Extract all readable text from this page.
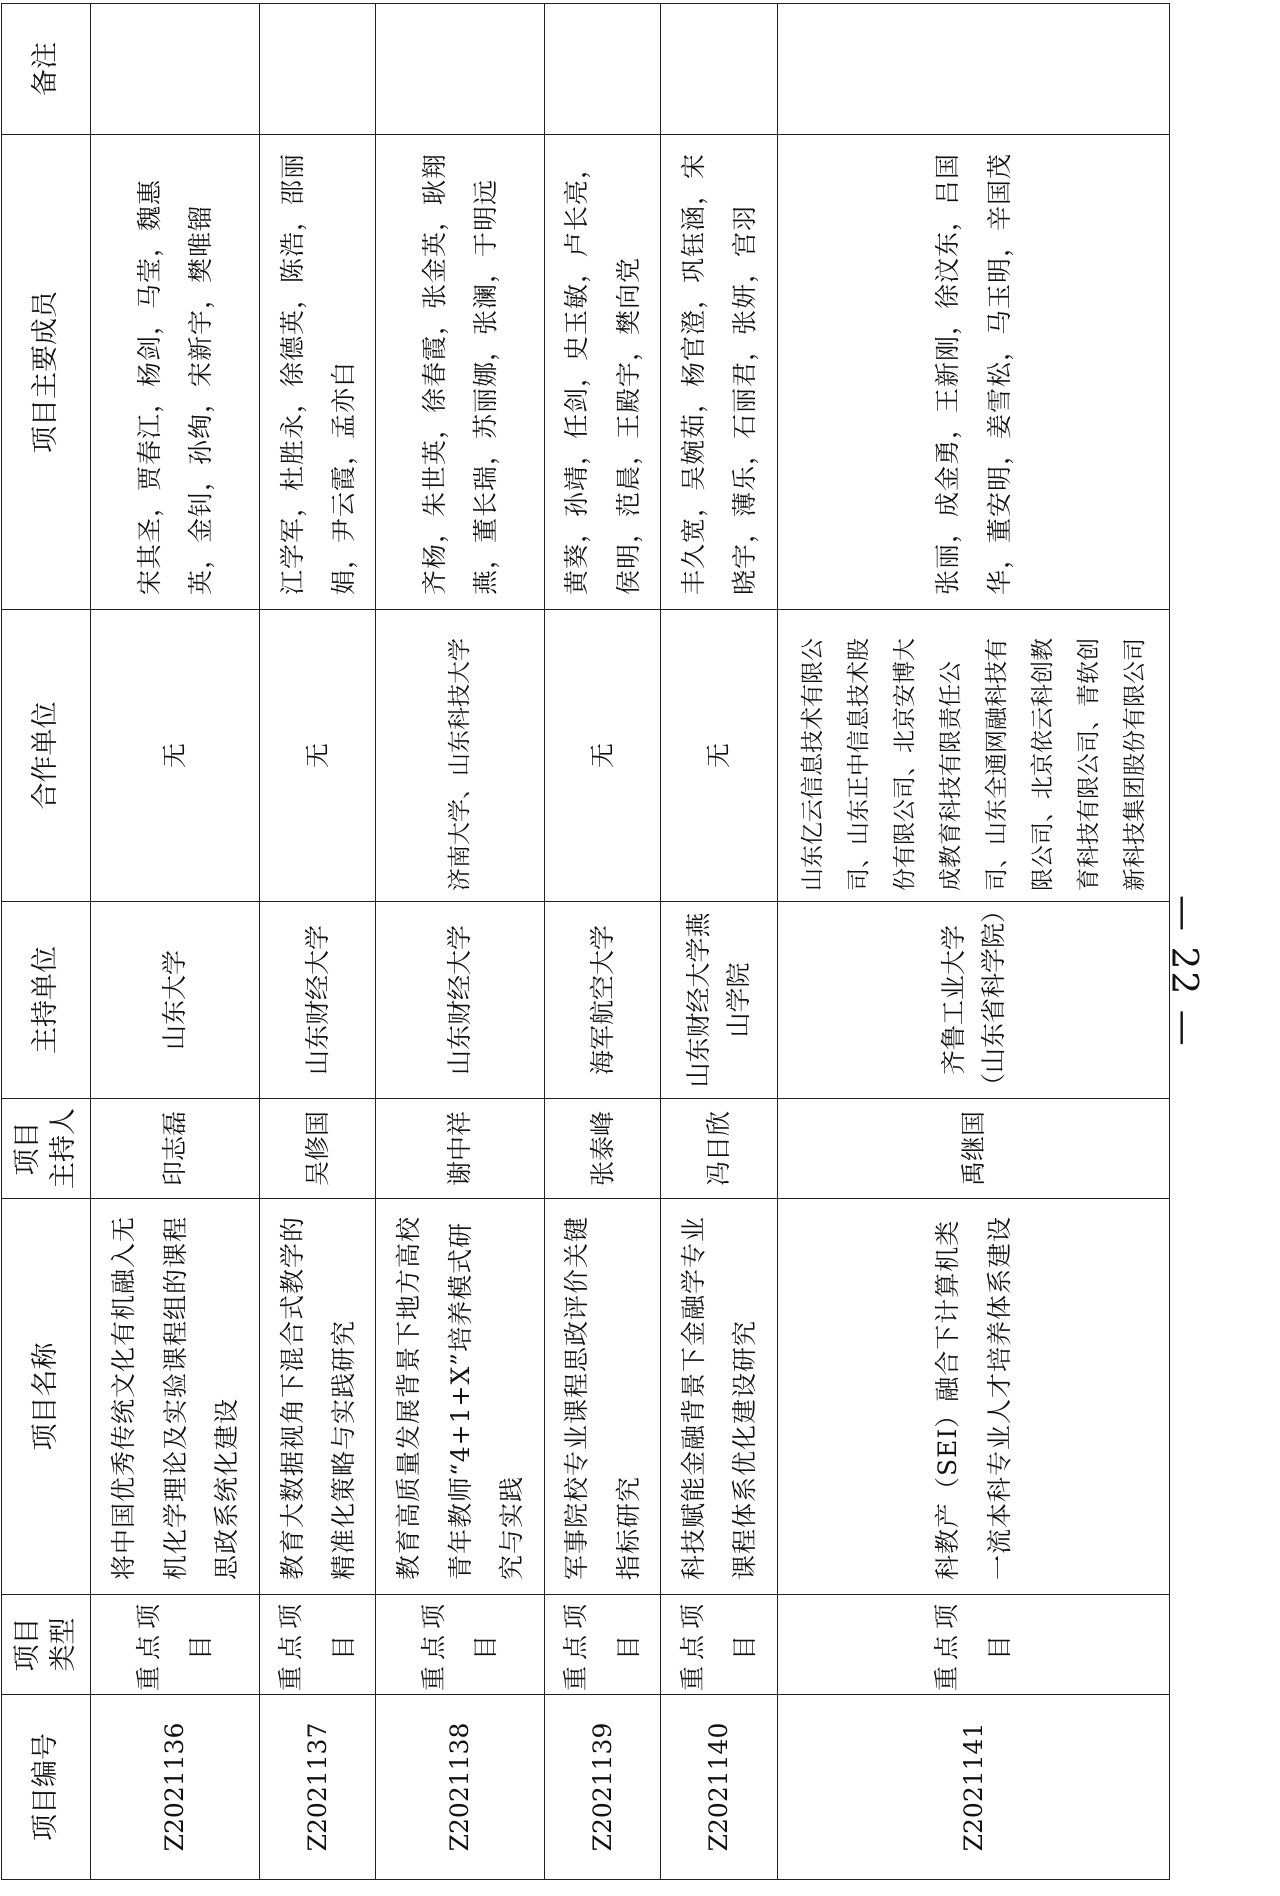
项目编号	项目 类型	项目名称	项目 主持人	主持单位	合作单位	项目主要成员	备注
Z2021136	重点项目	将中国优秀传统文化有机融入无机化学理论及实验课程组的课程思政系统化建设	印志磊	山东大学	无	宋其圣，贾春江，杨剑，马莹，魏惠英，金钊，孙绚，宋新宇，樊唯镏	
Z2021137	重点项目	教育大数据视角下混合式教学的精准化策略与实践研究	吴修国	山东财经大学	无	江学军，杜胜永，徐德英，陈浩，邵丽娟，尹云霞，孟亦白	
Z2021138	重点项目	教育高质量发展背景下地方高校青年教师“4+1+X”培养模式研究与实践	谢中祥	山东财经大学	济南大学、山东科技大学	齐杨，朱世英，徐春霞，张金英，耿翔燕，董长瑞，苏丽娜，张澜，于明远	
Z2021139	重点项目	军事院校专业课程思政评价关键指标研究	张泰峰	海军航空大学	无	黄葵，孙靖，任剑，史玉敏，卢长亮，侯明，范晨，王殿宇，樊向党	
Z2021140	重点项目	科技赋能金融背景下金融学专业课程体系优化建设研究	冯日欣	山东财经大学燕山学院	无	丰久宽，吴婉茹，杨官澄，巩钰涵，宋晓宇，薄乐，石丽君，张妍，宫羽	
Z2021141	重点项目	科教产（SEI）融合下计算机类一流本科专业人才培养体系建设	禹继国	齐鲁工业大学（山东省科学院）	山东亿云信息技术有限公司、山东正中信息技术股份有限公司、北京安博大成教育科技有限责任公司、山东全通网融科技有限公司、北京依云科创教育科技有限公司、青软创新科技集团股份有限公司	张丽，成金勇，王新刚，徐汶东，吕国华，董安明，姜雪松，马玉明，辛国茂	
— 22 —
